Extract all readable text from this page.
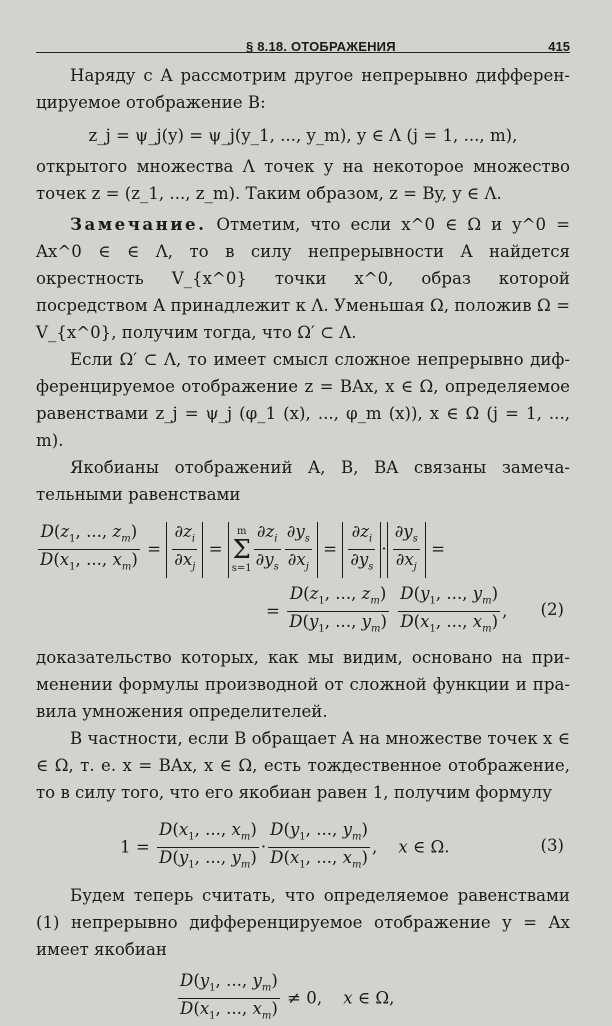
§ 8.18. ОТОБРАЖЕНИЯ	415

Наряду с A рассмотрим другое непрерывно дифферен-цируемое отображение B:

z_j = ψ_j(y) = ψ_j(y_1, ..., y_m), y ∈ Λ (j = 1, ..., m),

открытого множества Λ точек y на некоторое множество точек z = (z_1, ..., z_m). Таким образом, z = By, y ∈ Λ.

Замечание. Отметим, что если x^0 ∈ Ω и y^0 = Ax^0 ∈ ∈ Λ, то в силу непрерывности A найдется окрестность V_{x^0} точки x^0, образ которой посредством A принадлежит к Λ. Уменьшая Ω, положив Ω = V_{x^0}, получим тогда, что Ω′ ⊂ Λ.

Если Ω′ ⊂ Λ, то имеет смысл сложное непрерывно диф-ференцируемое отображение z = BAx, x ∈ Ω, определяемое равенствами z_j = ψ_j (φ_1 (x), ..., φ_m (x)), x ∈ Ω (j = 1, ..., m).

Якобианы отображений A, B, BA связаны замеча-тельными равенствами

$\frac{D(z_1, ..., z_m)}{D(x_1, ..., x_m)} = \frac{\partial z_i}{\partial x_j} = m$
Σ
$s=1 \frac{\partial z_i}{\partial y_s} \frac{\partial y_s}{\partial x_j} = \frac{\partial z_i}{\partial y_s} \cdot \frac{\partial y_s}{\partial x_j}$ =
= $\frac{D(z_1, ..., z_m)}{D(y_1, ..., y_m)}$
$\frac{D(y_1, ..., y_m)}{D(x_1, ..., x_m)}$ , (2)

доказательство которых, как мы видим, основано на при-менении формулы производной от сложной функции и пра-вила умножения определителей.

В частности, если B обращает A на множестве точек x ∈ ∈ Ω, т. е. x = BAx, x ∈ Ω, есть тождественное отображение, то в силу того, что его якобиан равен 1, получим формулу

$1 = \frac{D(x_1, ..., x_m)}{D(y_1, ..., y_m)} \cdot \frac{D(y_1, ..., y_m)}{D(x_1, ..., x_m)}$ ,    x ∈ Ω.	(3)

Будем теперь считать, что определяемое равенствами (1) непрерывно дифференцируемое отображение y = Ax имеет якобиан

$\frac{D(y_1, ..., y_m)}{D(x_1, ..., x_m)} \ne 0$,    x ∈ Ω,
